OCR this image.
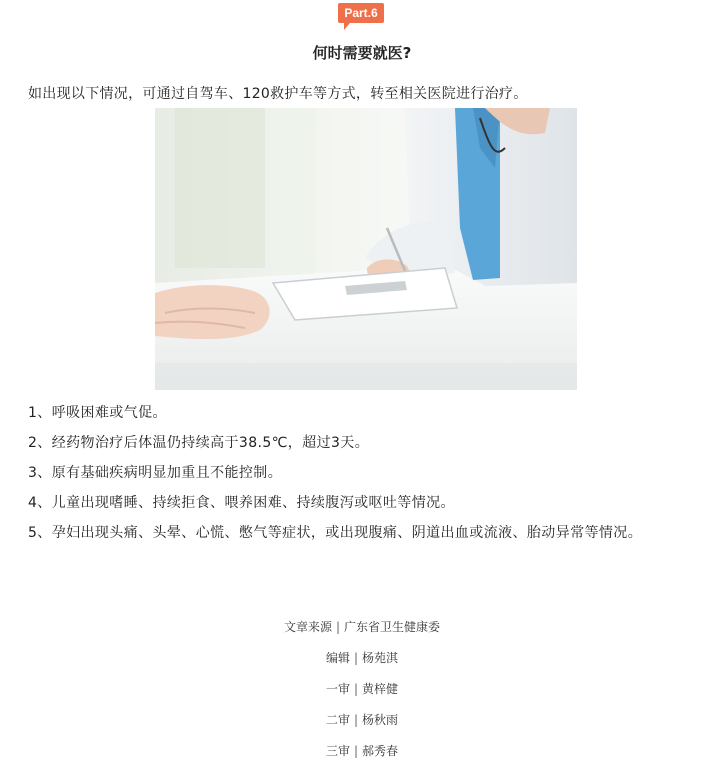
Part.6
何时需要就医?
如出现以下情况，可通过自驾车、120救护车等方式，转至相关医院进行治疗。
1、呼吸困难或气促。
2、经药物治疗后体温仍持续高于38.5℃，超过3天。
3、原有基础疾病明显加重且不能控制。
4、儿童出现嗜睡、持续拒食、喂养困难、持续腹泻或呕吐等情况。
5、孕妇出现头痛、头晕、心慌、憋气等症状，或出现腹痛、阴道出血或流液、胎动异常等情况。
文章来源 | 广东省卫生健康委
编辑 | 杨苑淇
一审 | 黄梓健
二审 | 杨秋雨
三审 | 郝秀春
